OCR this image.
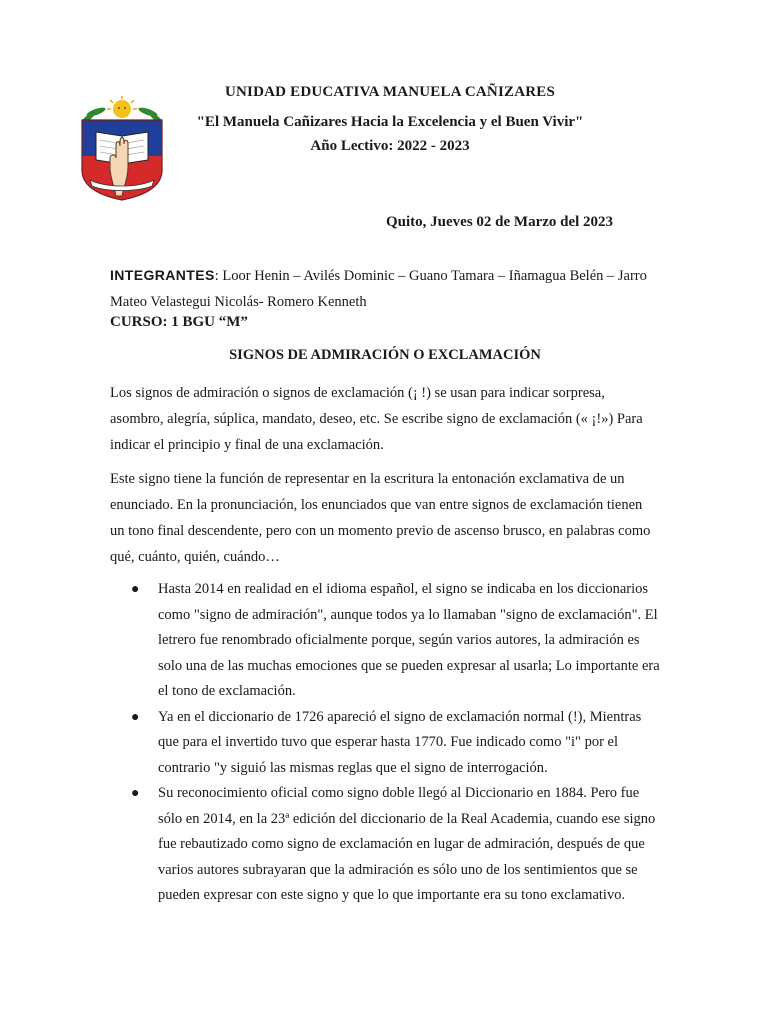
UNIDAD EDUCATIVA MANUELA CAÑIZARES
"El Manuela Cañizares Hacia la Excelencia y el Buen Vivir"
Año Lectivo: 2022 - 2023
Quito, Jueves 02 de Marzo del 2023
INTEGRANTES: Loor Henin – Avilés Dominic – Guano Tamara – Iñamagua Belén – Jarro Mateo Velastegui Nicolás- Romero Kenneth
CURSO: 1 BGU “M”
SIGNOS DE ADMIRACIÓN O EXCLAMACIÓN

Los signos de admiración o signos de exclamación (¡ !) se usan para indicar sorpresa, asombro, alegría, súplica, mandato, deseo, etc. Se escribe signo de exclamación (« ¡!») Para indicar el principio y final de una exclamación.

Este signo tiene la función de representar en la escritura la entonación exclamativa de un enunciado. En la pronunciación, los enunciados que van entre signos de exclamación tienen un tono final descendente, pero con un momento previo de ascenso brusco, en palabras como qué, cuánto, quién, cuándo…

● Hasta 2014 en realidad en el idioma español, el signo se indicaba en los diccionarios como "signo de admiración", aunque todos ya lo llamaban "signo de exclamación". El letrero fue renombrado oficialmente porque, según varios autores, la admiración es solo una de las muchas emociones que se pueden expresar al usarla; Lo importante era el tono de exclamación.
● Ya en el diccionario de 1726 apareció el signo de exclamación normal (!), Mientras que para el invertido tuvo que esperar hasta 1770. Fue indicado como "i" por el contrario "y siguió las mismas reglas que el signo de interrogación.
● Su reconocimiento oficial como signo doble llegó al Diccionario en 1884. Pero fue sólo en 2014, en la 23ª edición del diccionario de la Real Academia, cuando ese signo fue rebautizado como signo de exclamación en lugar de admiración, después de que varios autores subrayaran que la admiración es sólo uno de los sentimientos que se pueden expresar con este signo y que lo que importante era su tono exclamativo.
